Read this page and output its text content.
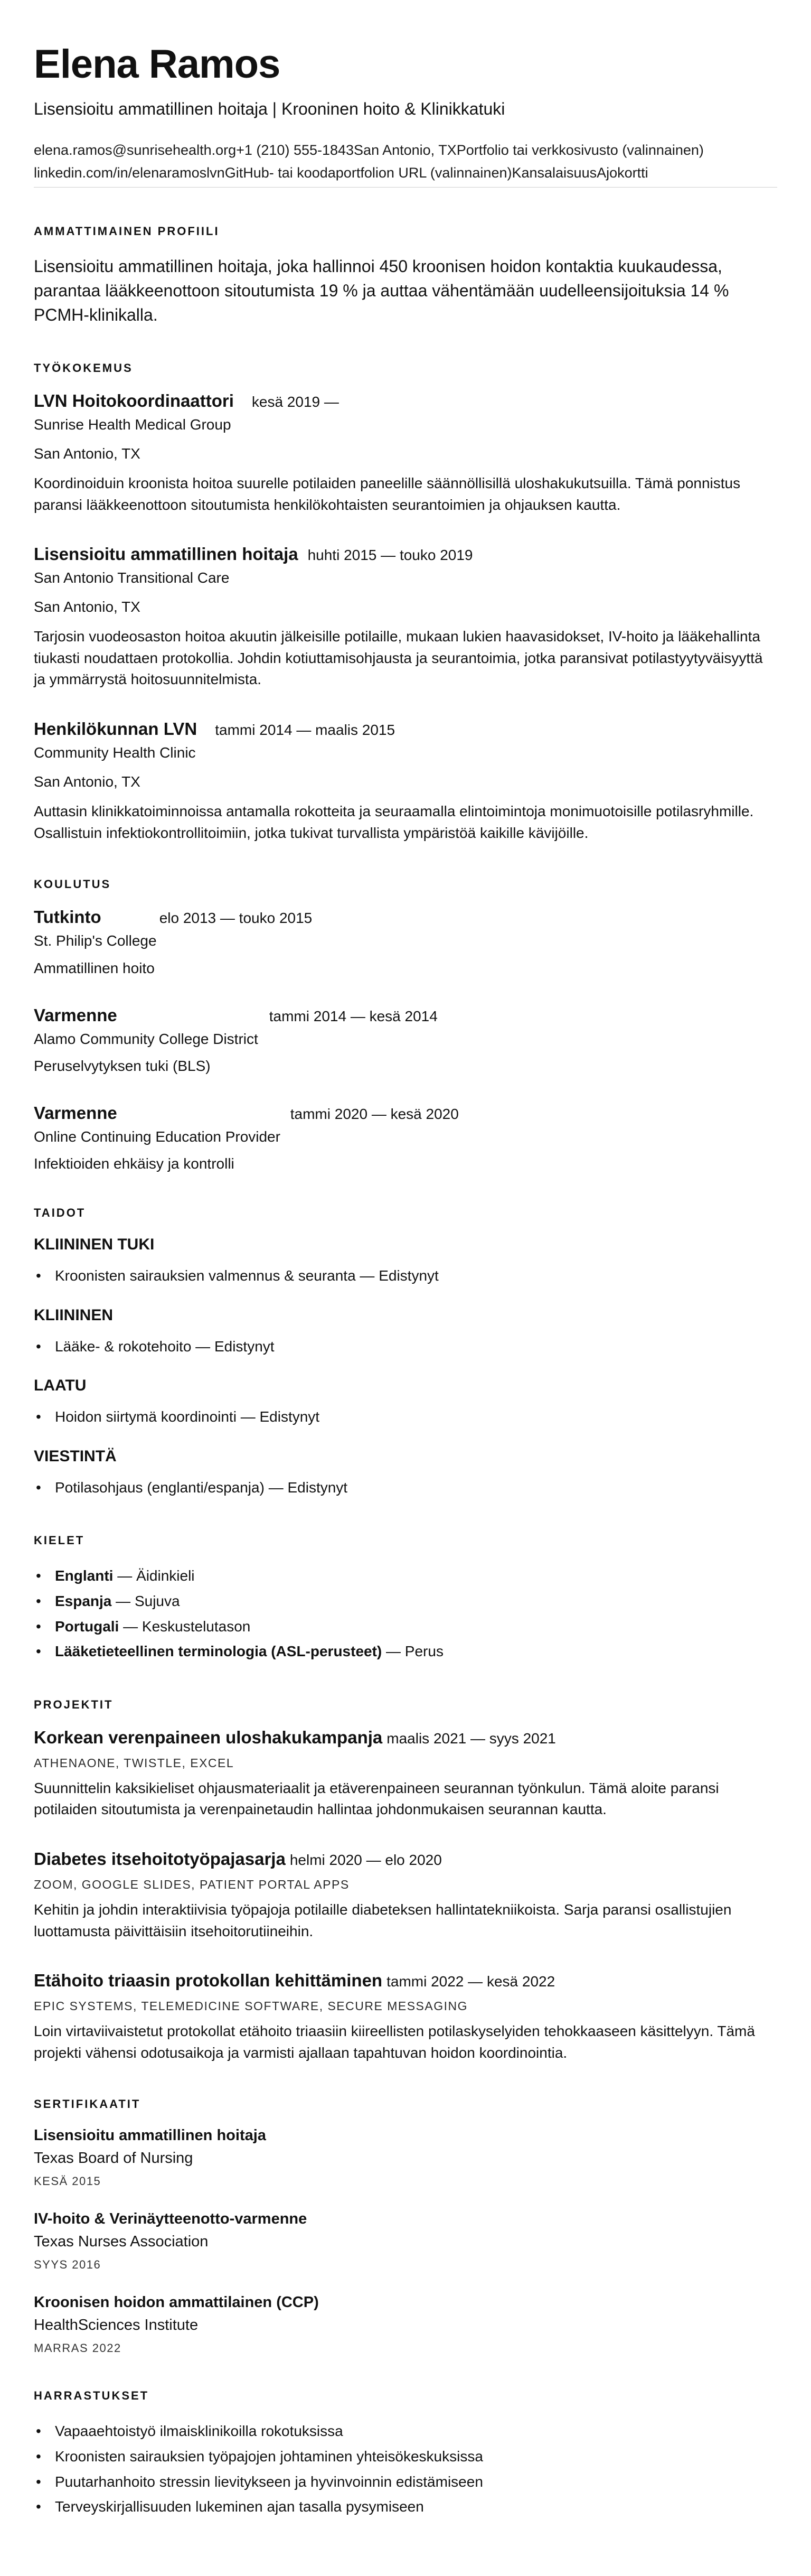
Elena Ramos
Lisensioitu ammatillinen hoitaja | Krooninen hoito & Klinikkatuki
elena.ramos@sunrisehealth.org+1 (210) 555-1843San Antonio, TXPortfolio tai verkkosivusto (valinnainen)
linkedin.com/in/elenaramoslvnGitHub- tai koodaportfolion URL (valinnainen)KansalaisuusAjokortti
AMMATTIMAINEN PROFIILI

Lisensioitu ammatillinen hoitaja, joka hallinnoi 450 kroonisen hoidon kontaktia kuukaudessa, parantaa lääkkeenottoon sitoutumista 19 % ja auttaa vähentämään uudelleensijoituksia 14 % PCMH-klinikalla.

TYÖKOKEMUS
LVN Hoitokoordinaattori kesä 2019 —
Sunrise Health Medical Group
San Antonio, TX

Koordinoiduin kroonista hoitoa suurelle potilaiden paneelille säännöllisillä uloshakukutsuilla. Tämä ponnistus paransi lääkkeenottoon sitoutumista henkilökohtaisten seurantoimien ja ohjauksen kautta.

Lisensioitu ammatillinen hoitaja huhti 2015 — touko 2019
San Antonio Transitional Care
San Antonio, TX

Tarjosin vuodeosaston hoitoa akuutin jälkeisille potilaille, mukaan lukien haavasidokset, IV-hoito ja lääkehallinta tiukasti noudattaen protokollia. Johdin kotiuttamisohjausta ja seurantoimia, jotka paransivat potilastyytyväisyyttä ja ymmärrystä hoitosuunnitelmista.

Henkilökunnan LVN tammi 2014 — maalis 2015
Community Health Clinic
San Antonio, TX

Auttasin klinikkatoiminnoissa antamalla rokotteita ja seuraamalla elintoimintoja monimuotoisille potilasryhmille. Osallistuin infektiokontrollitoimiin, jotka tukivat turvallista ympäristöä kaikille kävijöille.

KOULUTUS
Tutkinto	elo 2013 — touko 2015
St. Philip's College
Ammatillinen hoito
Varmenne	tammi 2014 — kesä 2014
Alamo Community College District
Peruselvytyksen tuki (BLS)
Varmenne	tammi 2020 — kesä 2020
Online Continuing Education Provider
Infektioiden ehkäisy ja kontrolli
TAIDOT
KLIININEN TUKI
• Kroonisten sairauksien valmennus & seuranta — Edistynyt
KLIININEN
• Lääke- & rokotehoito — Edistynyt
LAATU
• Hoidon siirtymä koordinointi — Edistynyt
VIESTINTÄ
• Potilasohjaus (englanti/espanja) — Edistynyt
KIELET
• Englanti — Äidinkieli
• Espanja — Sujuva
• Portugali — Keskustelutason
• Lääketieteellinen terminologia (ASL-perusteet) — Perus
PROJEKTIT
Korkean verenpaineen uloshakukampanja maalis 2021 — syys 2021
ATHENAONE, TWISTLE, EXCEL

Suunnittelin kaksikieliset ohjausmateriaalit ja etäverenpaineen seurannan työnkulun. Tämä aloite paransi potilaiden sitoutumista ja verenpainetaudin hallintaa johdonmukaisen seurannan kautta.

Diabetes itsehoitotyöpajasarja helmi 2020 — elo 2020
ZOOM, GOOGLE SLIDES, PATIENT PORTAL APPS

Kehitin ja johdin interaktiivisia työpajoja potilaille diabeteksen hallintatekniikoista. Sarja paransi osallistujien luottamusta päivittäisiin itsehoitorutiineihin.

Etähoito triaasin protokollan kehittäminen tammi 2022 — kesä 2022
EPIC SYSTEMS, TELEMEDICINE SOFTWARE, SECURE MESSAGING

Loin virtaviivaistetut protokollat etähoito triaasiin kiireellisten potilaskyselyiden tehokkaaseen käsittelyyn. Tämä projekti vähensi odotusaikoja ja varmisti ajallaan tapahtuvan hoidon koordinointia.

SERTIFIKAATIT
Lisensioitu ammatillinen hoitaja
Texas Board of Nursing
KESÄ 2015
IV-hoito & Verinäytteenotto-varmenne
Texas Nurses Association
SYYS 2016
Kroonisen hoidon ammattilainen (CCP)
HealthSciences Institute
MARRAS 2022
HARRASTUKSET
• Vapaaehtoistyö ilmaisklinikoilla rokotuksissa
• Kroonisten sairauksien työpajojen johtaminen yhteisökeskuksissa
• Puutarhanhoito stressin lievitykseen ja hyvinvoinnin edistämiseen
• Terveyskirjallisuuden lukeminen ajan tasalla pysymiseen
